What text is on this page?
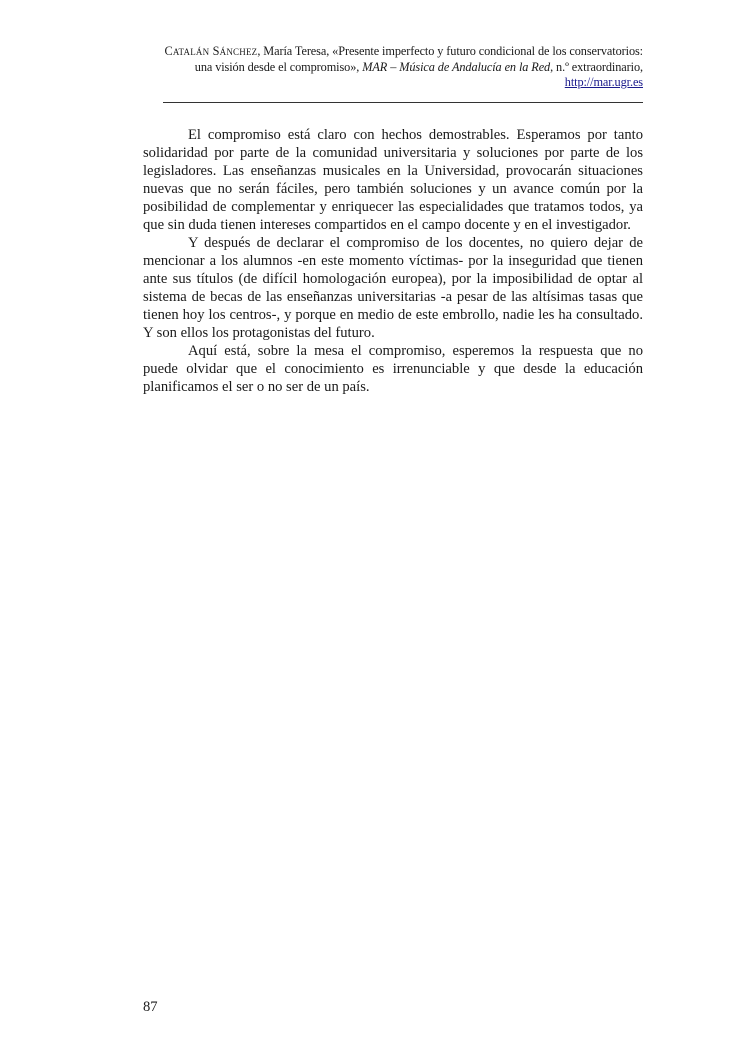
Catalán Sánchez, María Teresa, «Presente imperfecto y futuro condicional de los conservatorios: una visión desde el compromiso», MAR – Música de Andalucía en la Red, n.º extraordinario, http://mar.ugr.es

El compromiso está claro con hechos demostrables. Esperamos por tanto solidaridad por parte de la comunidad universitaria y soluciones por parte de los legisladores. Las enseñanzas musicales en la Universidad, provocarán situaciones nuevas que no serán fáciles, pero también soluciones y un avance común por la posibilidad de complementar y enriquecer las especialidades que tratamos todos, ya que sin duda tienen intereses compartidos en el campo docente y en el investigador.

Y después de declarar el compromiso de los docentes, no quiero dejar de mencionar a los alumnos -en este momento víctimas- por la inseguridad que tienen ante sus títulos (de difícil homologación europea), por la imposibilidad de optar al sistema de becas de las enseñanzas universitarias -a pesar de las altísimas tasas que tienen hoy los centros-, y porque en medio de este embrollo, nadie les ha consultado. Y son ellos los protagonistas del futuro.

Aquí está, sobre la mesa el compromiso, esperemos la respuesta que no puede olvidar que el conocimiento es irrenunciable y que desde la educación planificamos el ser o no ser de un país.

87
